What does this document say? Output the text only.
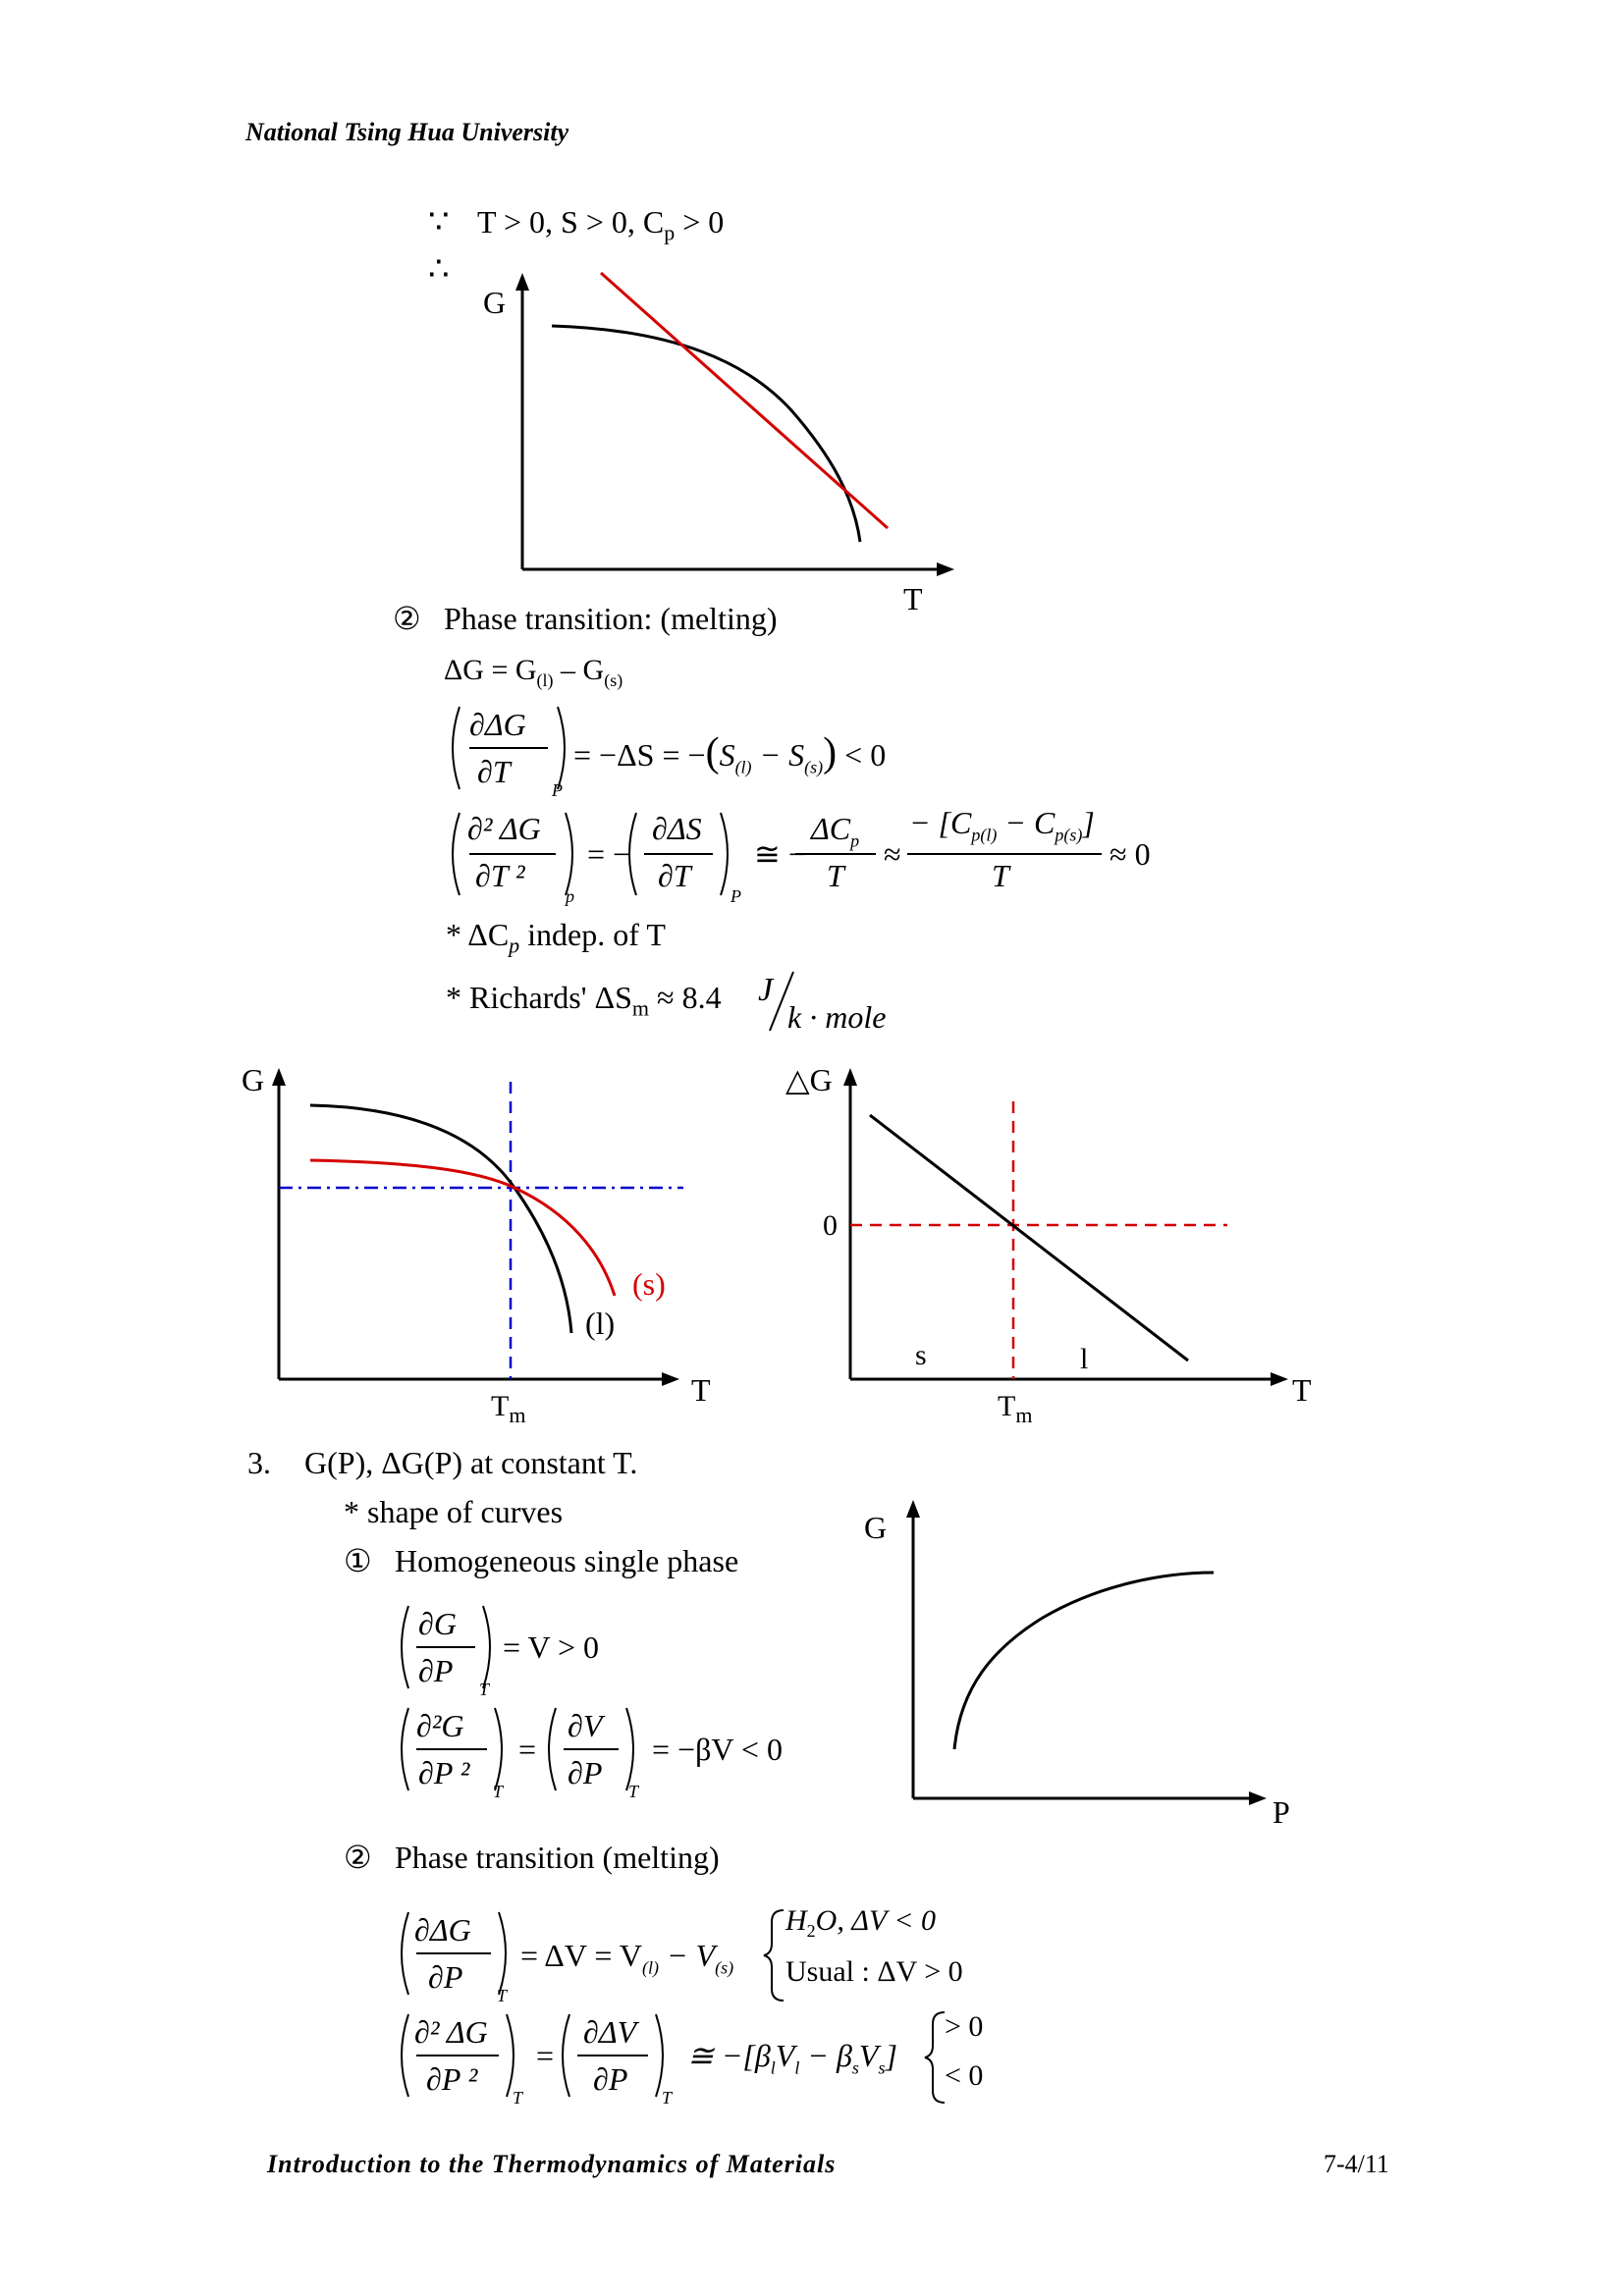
National Tsing Hua University
Introduction to the Thermodynamics of Materials	7-4/11
∵ T > 0, S > 0, $C_p > 0$
∴
G
T
② Phase transition: (melting)
$\Delta G = G_{(l)} - G_{(s)}$
∂ΔG
∂T
P
= $-\Delta S = -(S_{(l)} - S_{(s)}) < 0$
∂² ΔG
∂T ²
p
= −
∂ΔS
∂T
P
≅ −
$\Delta C_p$
T
≈
− $[C_{p(l)} - C_{p(s)}]$
T
≈ 0
* $\Delta C_p$ indep. of T
* Richards' $\Delta S_m \approx 8.4$ J
k · mole
G
T
$T_m$
(l)
(s)
△G
T
$T_m$
0
s	l
3. G(P), ΔG(P) at constant T.
* shape of curves
① Homogeneous single phase
∂G
∂P
T
= V > 0
∂²G
∂P ²
T
=
∂V
∂P
T
= −βV < 0
G
P
② Phase transition (melting)
∂ΔG
∂P
T
= $\Delta V = V_{(l)} - V_{(s)}$
$H_2O$, ΔV < 0
Usual : ΔV > 0
∂² ΔG
∂P ²
T
=
∂ΔV
∂P
T
≅ $-[\beta_lV_l - \beta_sV_s]$
> 0
< 0
